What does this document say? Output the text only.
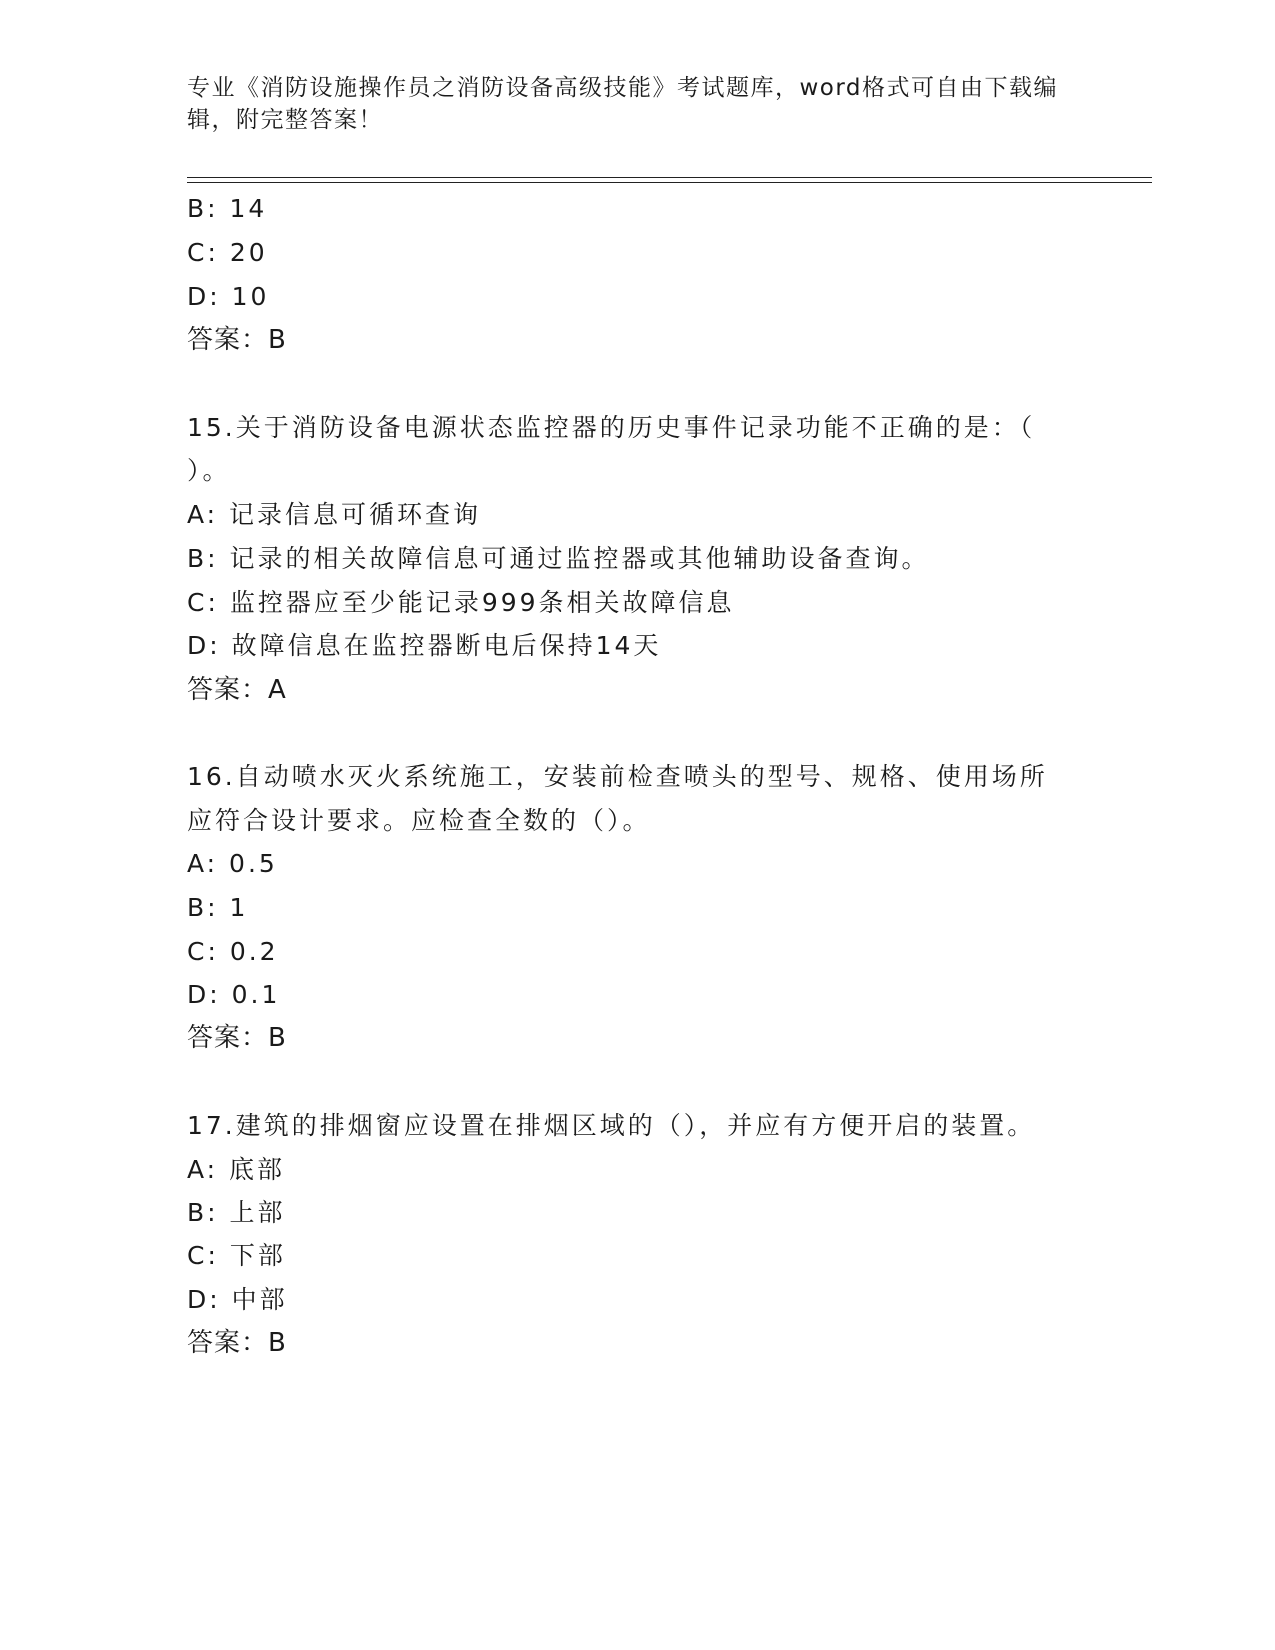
专业《消防设施操作员之消防设备高级技能》考试题库，word格式可自由下载编
辑，附完整答案！
B: 14
C: 20
D: 10
答案：B
15.关于消防设备电源状态监控器的历史事件记录功能不正确的是：（
）。
A: 记录信息可循环查询
B: 记录的相关故障信息可通过监控器或其他辅助设备查询。
C: 监控器应至少能记录999条相关故障信息
D: 故障信息在监控器断电后保持14天
答案：A
16.自动喷水灭火系统施工，安装前检查喷头的型号、规格、使用场所
应符合设计要求。应检查全数的（）。
A: 0.5
B: 1
C: 0.2
D: 0.1
答案：B
17.建筑的排烟窗应设置在排烟区域的（），并应有方便开启的装置。
A: 底部
B: 上部
C: 下部
D: 中部
答案：B
